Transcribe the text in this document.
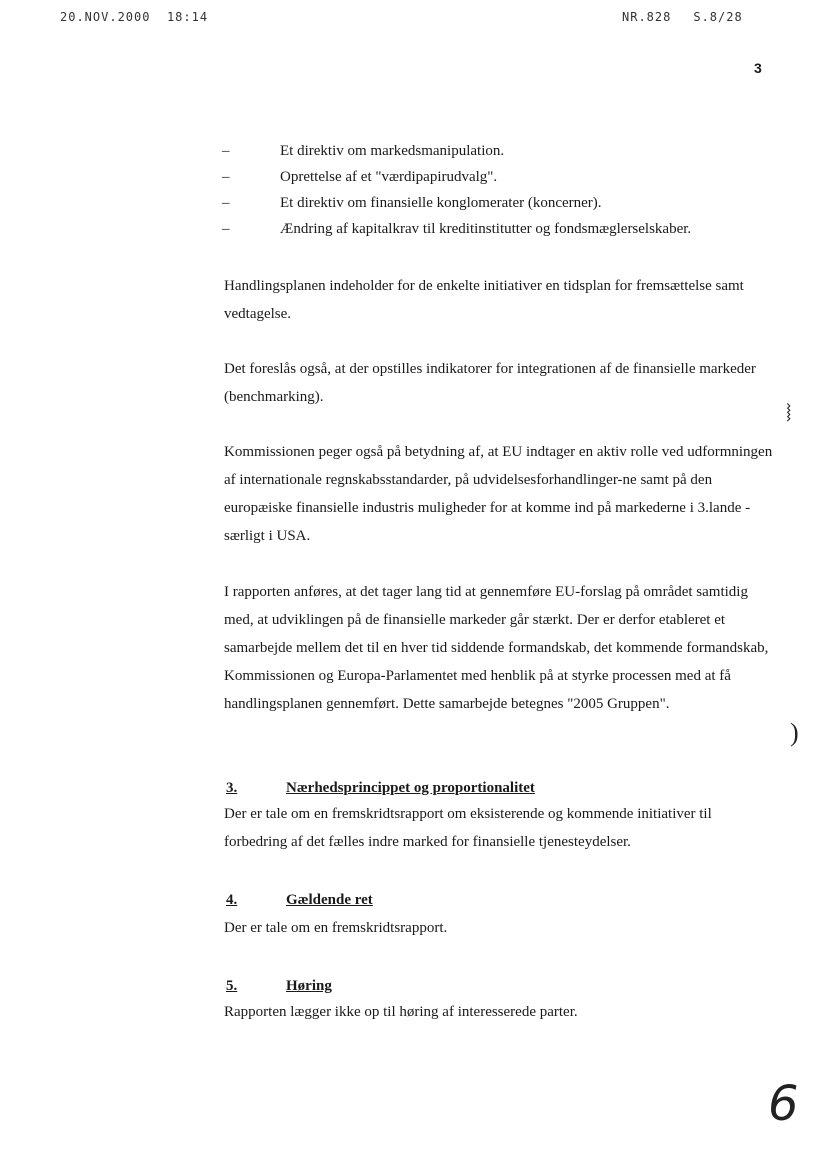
20.NOV.2000 18:14	NR.828 S.8/28
3
–	Et direktiv om markedsmanipulation.
–	Oprettelse af et "værdipapirudvalg".
–	Et direktiv om finansielle konglomerater (koncerner).
–	Ændring af kapitalkrav til kreditinstitutter og fondsmæglerselskaber.

Handlingsplanen indeholder for de enkelte initiativer en tidsplan for fremsættelse samt vedtagelse.

Det foreslås også, at der opstilles indikatorer for integrationen af de finansielle markeder (benchmarking).

Kommissionen peger også på betydning af, at EU indtager en aktiv rolle ved udformningen af internationale regnskabsstandarder, på udvidelsesforhandlinger-ne samt på den europæiske finansielle industris muligheder for at komme ind på markederne i 3.lande - særligt i USA.

I rapporten anføres, at det tager lang tid at gennemføre EU-forslag på området samtidig med, at udviklingen på de finansielle markeder går stærkt. Der er derfor etableret et samarbejde mellem det til en hver tid siddende formandskab, det kommende formandskab, Kommissionen og Europa-Parlamentet med henblik på at styrke processen med at få handlingsplanen gennemført. Dette samarbejde betegnes "2005 Gruppen".

3.	Nærhedsprincippet og proportionalitet

Der er tale om en fremskridtsrapport om eksisterende og kommende initiativer til forbedring af det fælles indre marked for finansielle tjenesteydelser.

4.	Gældende ret

Der er tale om en fremskridtsrapport.

5.	Høring

Rapporten lægger ikke op til høring af interesserede parter.

⧘
)
6
